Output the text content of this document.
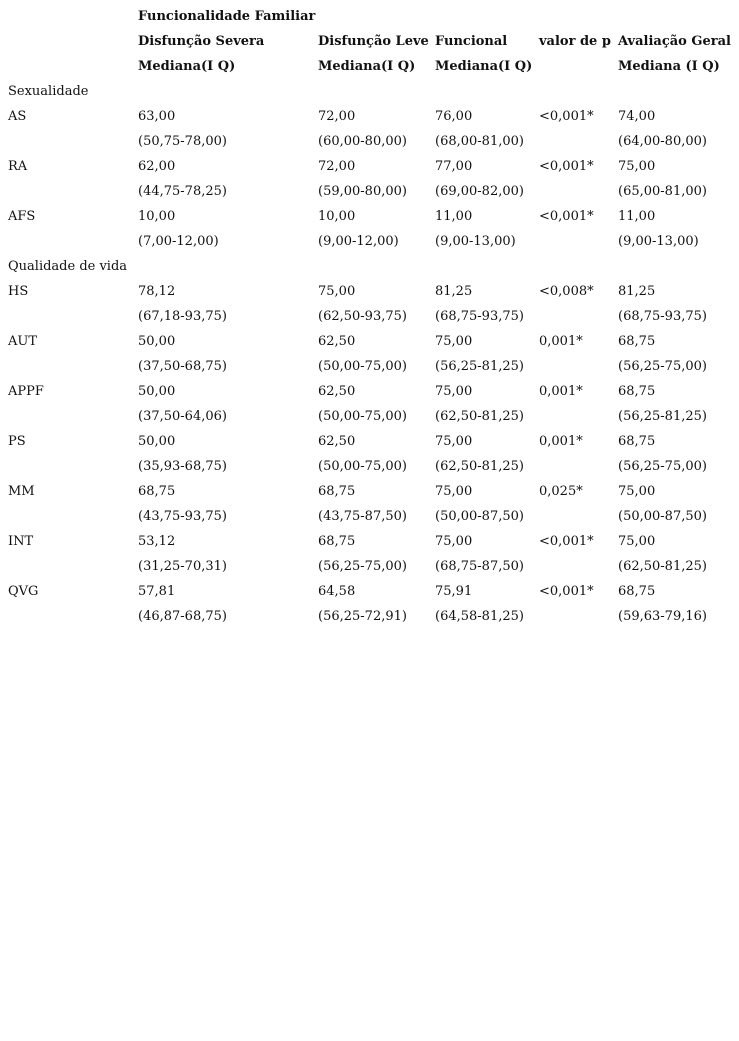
	Funcionalidade Familiar				
	Disfunção Severa	Disfunção Leve	Funcional	valor de p	Avaliação Geral
	Mediana(I Q)	Mediana(I Q)	Mediana(I Q)		Mediana (I Q)
Sexualidade					
AS	63,00	72,00	76,00	<0,001*	74,00
	(50,75-78,00)	(60,00-80,00)	(68,00-81,00)		(64,00-80,00)
RA	62,00	72,00	77,00	<0,001*	75,00
	(44,75-78,25)	(59,00-80,00)	(69,00-82,00)		(65,00-81,00)
AFS	10,00	10,00	11,00	<0,001*	11,00
	(7,00-12,00)	(9,00-12,00)	(9,00-13,00)		(9,00-13,00)
Qualidade de vida					
HS	78,12	75,00	81,25	<0,008*	81,25
	(67,18-93,75)	(62,50-93,75)	(68,75-93,75)		(68,75-93,75)
AUT	50,00	62,50	75,00	0,001*	68,75
	(37,50-68,75)	(50,00-75,00)	(56,25-81,25)		(56,25-75,00)
APPF	50,00	62,50	75,00	0,001*	68,75
	(37,50-64,06)	(50,00-75,00)	(62,50-81,25)		(56,25-81,25)
PS	50,00	62,50	75,00	0,001*	68,75
	(35,93-68,75)	(50,00-75,00)	(62,50-81,25)		(56,25-75,00)
MM	68,75	68,75	75,00	0,025*	75,00
	(43,75-93,75)	(43,75-87,50)	(50,00-87,50)		(50,00-87,50)
INT	53,12	68,75	75,00	<0,001*	75,00
	(31,25-70,31)	(56,25-75,00)	(68,75-87,50)		(62,50-81,25)
QVG	57,81	64,58	75,91	<0,001*	68,75
	(46,87-68,75)	(56,25-72,91)	(64,58-81,25)		(59,63-79,16)
